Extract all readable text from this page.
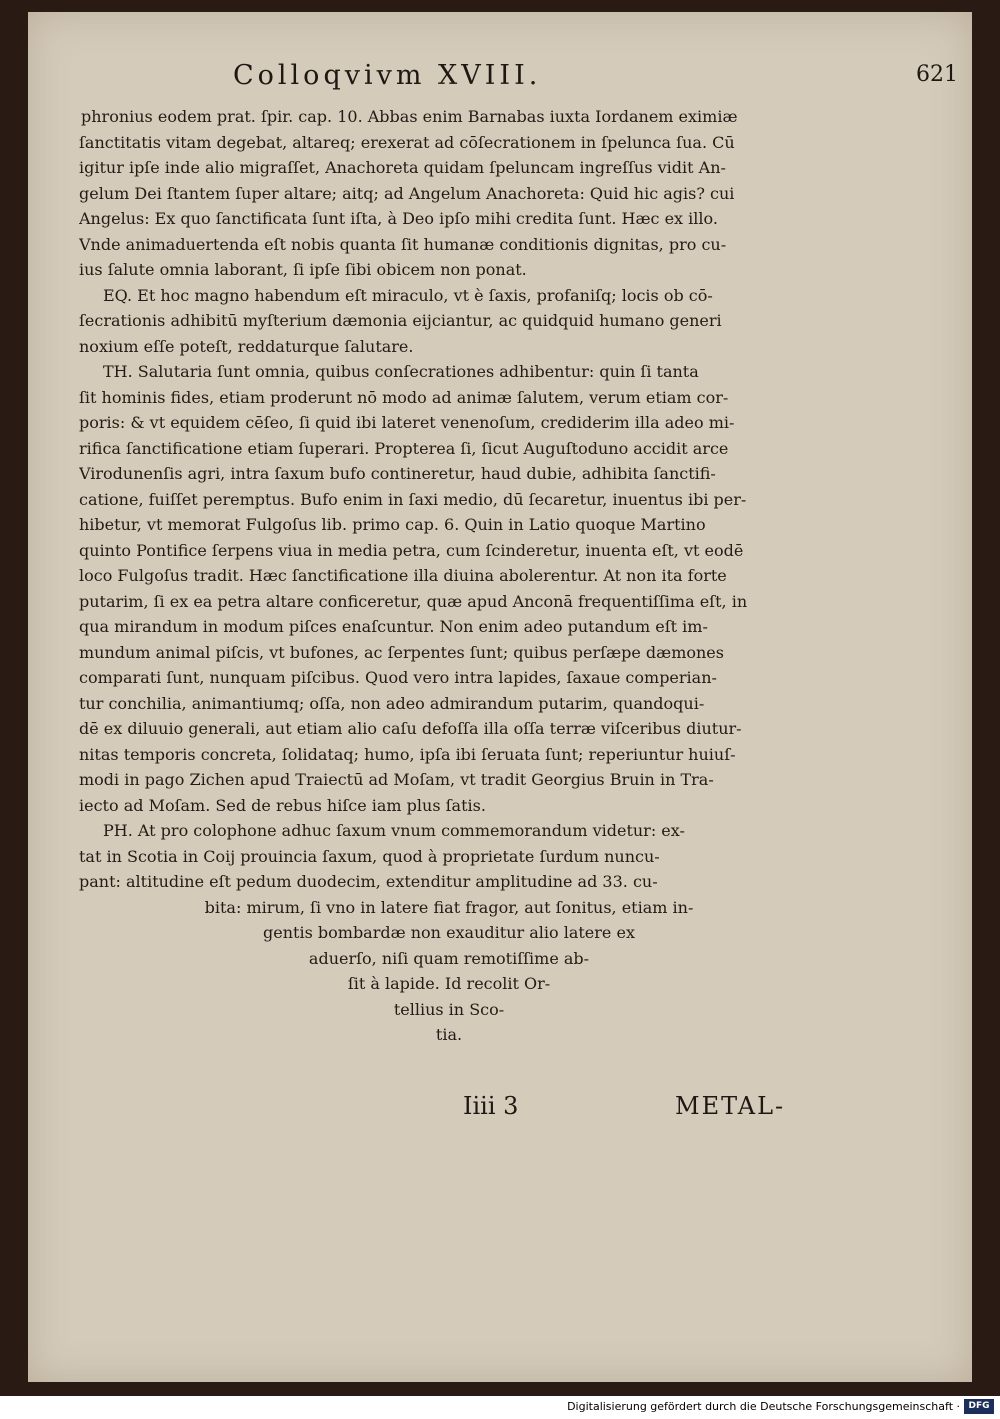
Colloqvivm XVIII.	621
phronius eodem prat. ſpir. cap. 10. Abbas enim Barnabas iuxta Iordanem eximiæ
ſanctitatis vitam degebat, altareq; erexerat ad cōſecrationem in ſpelunca ſua. Cū
igitur ipſe inde alio migraſſet, Anachoreta quidam ſpeluncam ingreſſus vidit An-
gelum Dei ſtantem ſuper altare; aitq; ad Angelum Anachoreta: Quid hic agis? cui
Angelus: Ex quo ſanctificata ſunt iſta, à Deo ipſo mihi credita ſunt. Hæc ex illo.
Vnde animaduertenda eſt nobis quanta ſit humanæ conditionis dignitas, pro cu-
ius ſalute omnia laborant, ſi ipſe ſibi obicem non ponat.
EQ. Et hoc magno habendum eſt miraculo, vt è ſaxis, profaniſq; locis ob cō-
ſecrationis adhibitū myſterium dæmonia eijciantur, ac quidquid humano generi
noxium eſſe poteſt, reddaturque ſalutare.
TH. Salutaria ſunt omnia, quibus conſecrationes adhibentur: quin ſi tanta
ſit hominis fides, etiam proderunt nō modo ad animæ ſalutem, verum etiam cor-
poris: & vt equidem cēſeo, ſi quid ibi lateret venenoſum, crediderim illa adeo mi-
rifica ſanctificatione etiam ſuperari. Propterea ſi, ſicut Auguſtoduno accidit arce
Virodunenſis agri, intra ſaxum bufo contineretur, haud dubie, adhibita ſanctifi-
catione, fuiſſet peremptus. Bufo enim in ſaxi medio, dū ſecaretur, inuentus ibi per-
hibetur, vt memorat Fulgoſus lib. primo cap. 6. Quin in Latio quoque Martino
quinto Pontifice ſerpens viua in media petra, cum ſcinderetur, inuenta eſt, vt eodē
loco Fulgoſus tradit. Hæc ſanctificatione illa diuina abolerentur. At non ita forte
putarim, ſi ex ea petra altare conficeretur, quæ apud Anconā frequentiſſima eſt, in
qua mirandum in modum piſces enaſcuntur. Non enim adeo putandum eſt im-
mundum animal piſcis, vt bufones, ac ſerpentes ſunt; quibus perſæpe dæmones
comparati ſunt, nunquam piſcibus. Quod vero intra lapides, ſaxaue comperian-
tur conchilia, animantiumq; oſſa, non adeo admirandum putarim, quandoqui-
dē ex diluuio generali, aut etiam alio caſu defoſſa illa oſſa terræ viſceribus diutur-
nitas temporis concreta, ſolidataq; humo, ipſa ibi ſeruata ſunt; reperiuntur huiuſ-
modi in pago Zichen apud Traiectū ad Moſam, vt tradit Georgius Bruin in Tra-
iecto ad Moſam. Sed de rebus hiſce iam plus ſatis.
PH. At pro colophone adhuc ſaxum vnum commemorandum videtur: ex-
tat in Scotia in Coij prouincia ſaxum, quod à proprietate ſurdum nuncu-
pant: altitudine eſt pedum duodecim, extenditur amplitudine ad 33. cu-
bita: mirum, ſi vno in latere fiat fragor, aut ſonitus, etiam in-
gentis bombardæ non exauditur alio latere ex
aduerſo, niſi quam remotiſſime ab-
ſit à lapide. Id recolit Or-
tellius in Sco-
tia.
Iiii 3	METAL-
Digitalisierung gefördert durch die Deutsche Forschungsgemeinschaft · DFG
